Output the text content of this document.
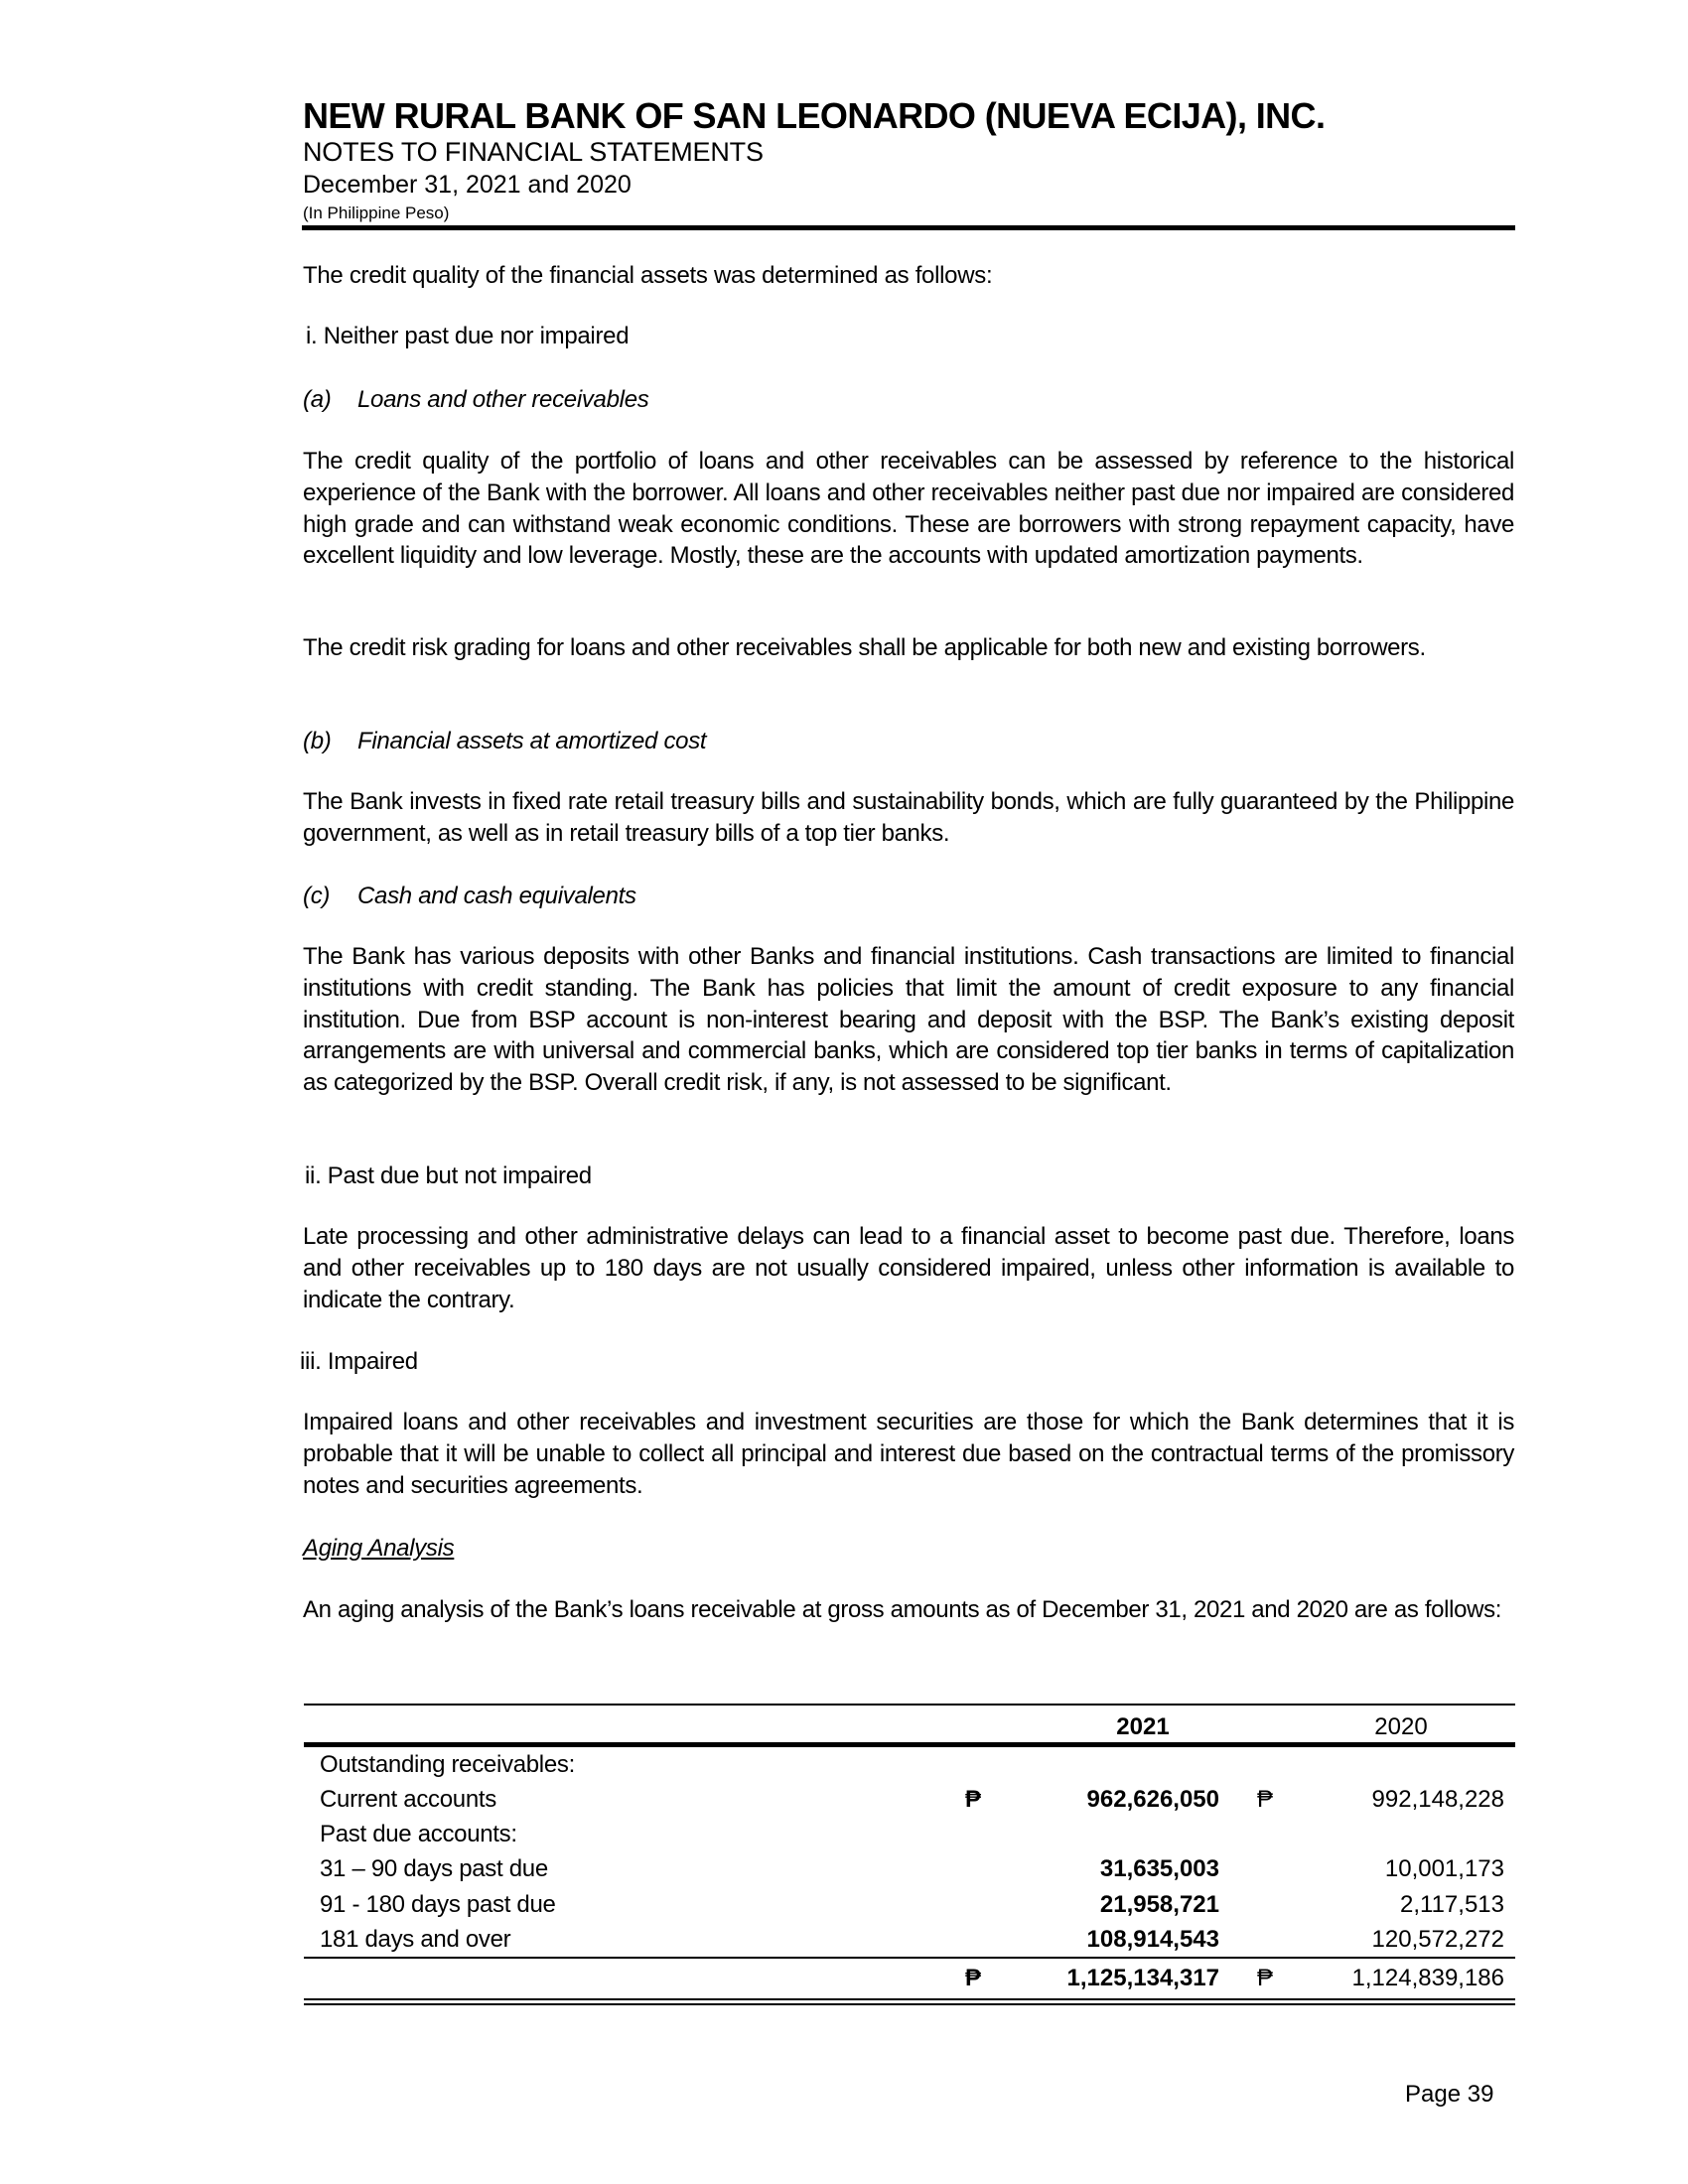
NEW RURAL BANK OF SAN LEONARDO (NUEVA ECIJA), INC.
NOTES TO FINANCIAL STATEMENTS
December 31, 2021 and 2020
(In Philippine Peso)
The credit quality of the financial assets was determined as follows:
i. Neither past due nor impaired
(a) Loans and other receivables
The credit quality of the portfolio of loans and other receivables can be assessed by reference to the historical experience of the Bank with the borrower. All loans and other receivables neither past due nor impaired are considered high grade and can withstand weak economic conditions. These are borrowers with strong repayment capacity, have excellent liquidity and low leverage. Mostly, these are the accounts with updated amortization payments.
The credit risk grading for loans and other receivables shall be applicable for both new and existing borrowers.
(b) Financial assets at amortized cost
The Bank invests in fixed rate retail treasury bills and sustainability bonds, which are fully guaranteed by the Philippine government, as well as in retail treasury bills of a top tier banks.
(c) Cash and cash equivalents
The Bank has various deposits with other Banks and financial institutions. Cash transactions are limited to financial institutions with credit standing. The Bank has policies that limit the amount of credit exposure to any financial institution. Due from BSP account is non-interest bearing and deposit with the BSP. The Bank’s existing deposit arrangements are with universal and commercial banks, which are considered top tier banks in terms of capitalization as categorized by the BSP. Overall credit risk, if any, is not assessed to be significant.
ii. Past due but not impaired
Late processing and other administrative delays can lead to a financial asset to become past due. Therefore, loans and other receivables up to 180 days are not usually considered impaired, unless other information is available to indicate the contrary.
iii. Impaired
Impaired loans and other receivables and investment securities are those for which the Bank determines that it is probable that it will be unable to collect all principal and interest due based on the contractual terms of the promissory notes and securities agreements.
Aging Analysis
An aging analysis of the Bank’s loans receivable at gross amounts as of December 31, 2021 and 2020 are as follows:
2021	2020
Outstanding receivables:
Current accounts	₱	962,626,050 ₱	992,148,228
Past due accounts:
31 – 90 days past due	31,635,003	10,001,173
91 - 180 days past due	21,958,721	2,117,513
181 days and over	108,914,543	120,572,272
₱	1,125,134,317 ₱	1,124,839,186
Page 39
